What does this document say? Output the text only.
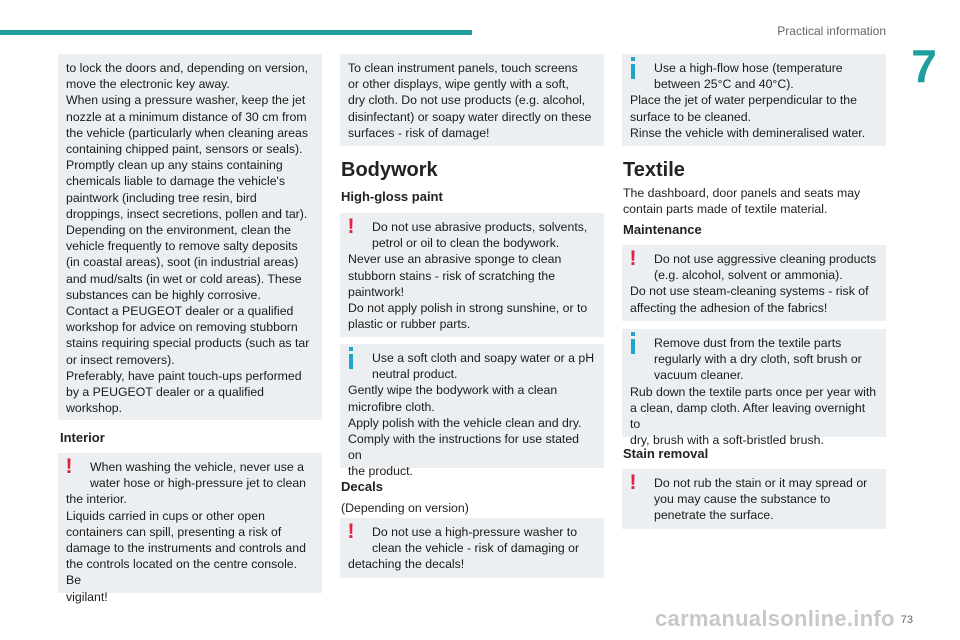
Practical information
7

to lock the doors and, depending on version,

move the electronic key away.

When using a pressure washer, keep the jet

nozzle at a minimum distance of 30 cm from

the vehicle (particularly when cleaning areas

containing chipped paint, sensors or seals).

Promptly clean up any stains containing

chemicals liable to damage the vehicle's

paintwork (including tree resin, bird

droppings, insect secretions, pollen and tar).

Depending on the environment, clean the

vehicle frequently to remove salty deposits

(in coastal areas), soot (in industrial areas)

and mud/salts (in wet or cold areas). These

substances can be highly corrosive.

Contact a PEUGEOT dealer or a qualified

workshop for advice on removing stubborn

stains requiring special products (such as tar

or insect removers).

Preferably, have paint touch-ups performed

by a PEUGEOT dealer or a qualified

workshop.

Interior
!	When washing the vehicle, never use a

water hose or high-pressure jet to clean

the interior.

Liquids carried in cups or other open

containers can spill, presenting a risk of

damage to the instruments and controls and

the controls located on the centre console. Be

vigilant!

To clean instrument panels, touch screens

or other displays, wipe gently with a soft,

dry cloth. Do not use products (e.g. alcohol,

disinfectant) or soapy water directly on these

surfaces - risk of damage!

Bodywork
High-gloss paint
!	Do not use abrasive products, solvents,

petrol or oil to clean the bodywork.

Never use an abrasive sponge to clean

stubborn stains - risk of scratching the

paintwork!

Do not apply polish in strong sunshine, or to

plastic or rubber parts.

Use a soft cloth and soapy water or a pH

neutral product.

Gently wipe the bodywork with a clean

microfibre cloth.

Apply polish with the vehicle clean and dry.

Comply with the instructions for use stated on

the product.

Decals
(Depending on version)
!	Do not use a high-pressure washer to

clean the vehicle - risk of damaging or

detaching the decals!

Use a high-flow hose (temperature

between 25°C and 40°C).

Place the jet of water perpendicular to the

surface to be cleaned.

Rinse the vehicle with demineralised water.

Textile

The dashboard, door panels and seats may

contain parts made of textile material.

Maintenance
!	Do not use aggressive cleaning products

(e.g. alcohol, solvent or ammonia).

Do not use steam-cleaning systems - risk of

affecting the adhesion of the fabrics!

Remove dust from the textile parts

regularly with a dry cloth, soft brush or

vacuum cleaner.

Rub down the textile parts once per year with

a clean, damp cloth. After leaving overnight to

dry, brush with a soft-bristled brush.

Stain removal
!	Do not rub the stain or it may spread or

you may cause the substance to

penetrate the surface.

carmanualsonline.info 73
